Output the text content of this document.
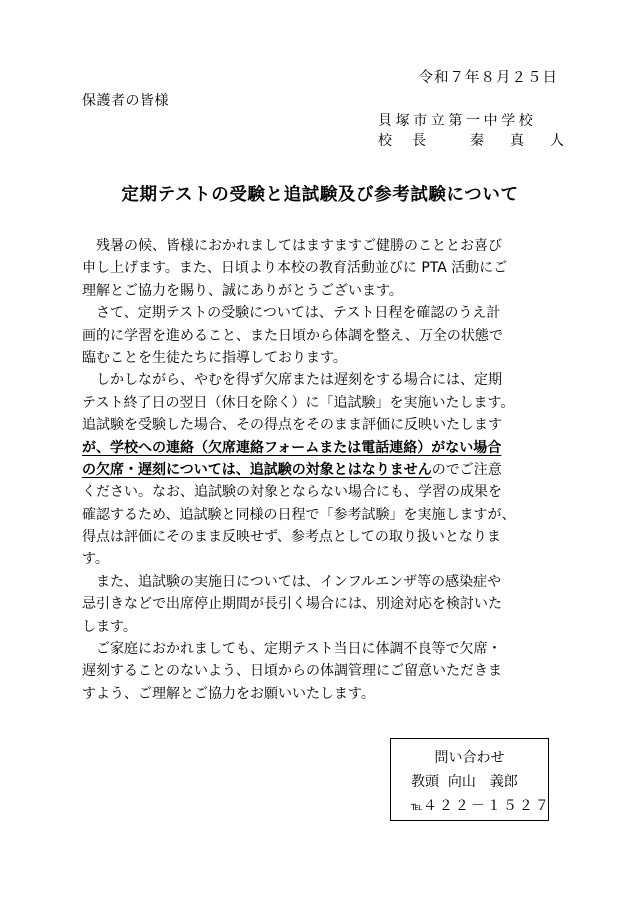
令和７年８月２５日
保護者の皆様
貝塚市立第一中学校
校 長	秦 真人
定期テストの受験と追試験及び参考試験について
残暑の候、皆様におかれましてはますますご健勝のこととお喜び
申し上げます。また、日頃より本校の教育活動並びに PTA 活動にご
理解とご協力を賜り、誠にありがとうございます。
さて、定期テストの受験については、テスト日程を確認のうえ計
画的に学習を進めること、また日頃から体調を整え、万全の状態で
臨むことを生徒たちに指導しております。
しかしながら、やむを得ず欠席または遅刻をする場合には、定期
テスト終了日の翌日（休日を除く）に「追試験」を実施いたします。
追試験を受験した場合、その得点をそのまま評価に反映いたします
が、学校への連絡（欠席連絡フォームまたは電話連絡）がない場合
の欠席・遅刻については、追試験の対象とはなりませんのでご注意
ください。なお、追試験の対象とならない場合にも、学習の成果を
確認するため、追試験と同様の日程で「参考試験」を実施しますが、
得点は評価にそのまま反映せず、参考点としての取り扱いとなりま
す。
また、追試験の実施日については、インフルエンザ等の感染症や
忌引きなどで出席停止期間が長引く場合には、別途対応を検討いた
します。
ご家庭におかれましても、定期テスト当日に体調不良等で欠席・
遅刻することのないよう、日頃からの体調管理にご留意いただきま
すよう、ご理解とご協力をお願いいたします。
問い合わせ
教頭 向山　義郎
℡４２２－１５２７
